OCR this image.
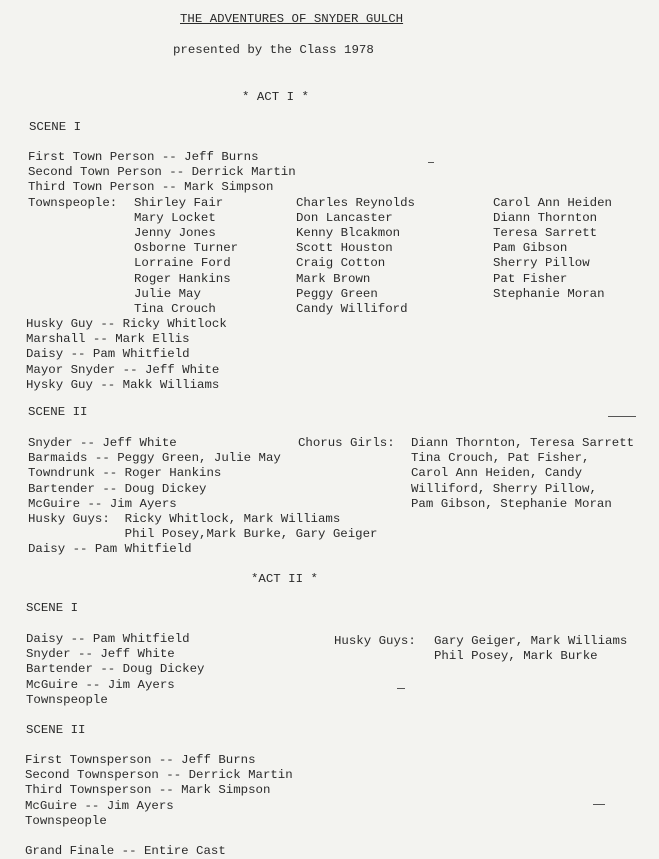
THE ADVENTURES OF SNYDER GULCH
presented by the Class 1978
* ACT I *
SCENE I
First Town Person -- Jeff Burns
Second Town Person -- Derrick Martin
Third Town Person -- Mark Simpson
Townspeople:	Shirley Fair
Mary Locket
Jenny Jones
Osborne Turner
Lorraine Ford
Roger Hankins
Julie May
Tina Crouch
Charles Reynolds
Don Lancaster
Kenny Blcakmon
Scott Houston
Craig Cotton
Mark Brown
Peggy Green
Candy Williford
Carol Ann Heiden
Diann Thornton
Teresa Sarrett
Pam Gibson
Sherry Pillow
Pat Fisher
Stephanie Moran
Husky Guy -- Ricky Whitlock
Marshall -- Mark Ellis
Daisy -- Pam Whitfield
Mayor Snyder -- Jeff White
Hysky Guy -- Makk Williams
SCENE II
Snyder -- Jeff White
Barmaids -- Peggy Green, Julie May
Towndrunk -- Roger Hankins
Bartender -- Doug Dickey
McGuire -- Jim Ayers
Husky Guys:  Ricky Whitlock, Mark Williams
Phil Posey,Mark Burke, Gary Geiger
Daisy -- Pam Whitfield
Chorus Girls: Diann Thornton, Teresa Sarrett
Tina Crouch, Pat Fisher,
Carol Ann Heiden, Candy
Williford, Sherry Pillow,
Pam Gibson, Stephanie Moran
*ACT II *
SCENE I
Daisy -- Pam Whitfield
Snyder -- Jeff White
Bartender -- Doug Dickey
McGuire -- Jim Ayers
Townspeople
Husky Guys: Gary Geiger, Mark Williams
Phil Posey, Mark Burke
SCENE II
First Townsperson -- Jeff Burns
Second Townsperson -- Derrick Martin
Third Townsperson -- Mark Simpson
McGuire -- Jim Ayers
Townspeople
Grand Finale -- Entire Cast
